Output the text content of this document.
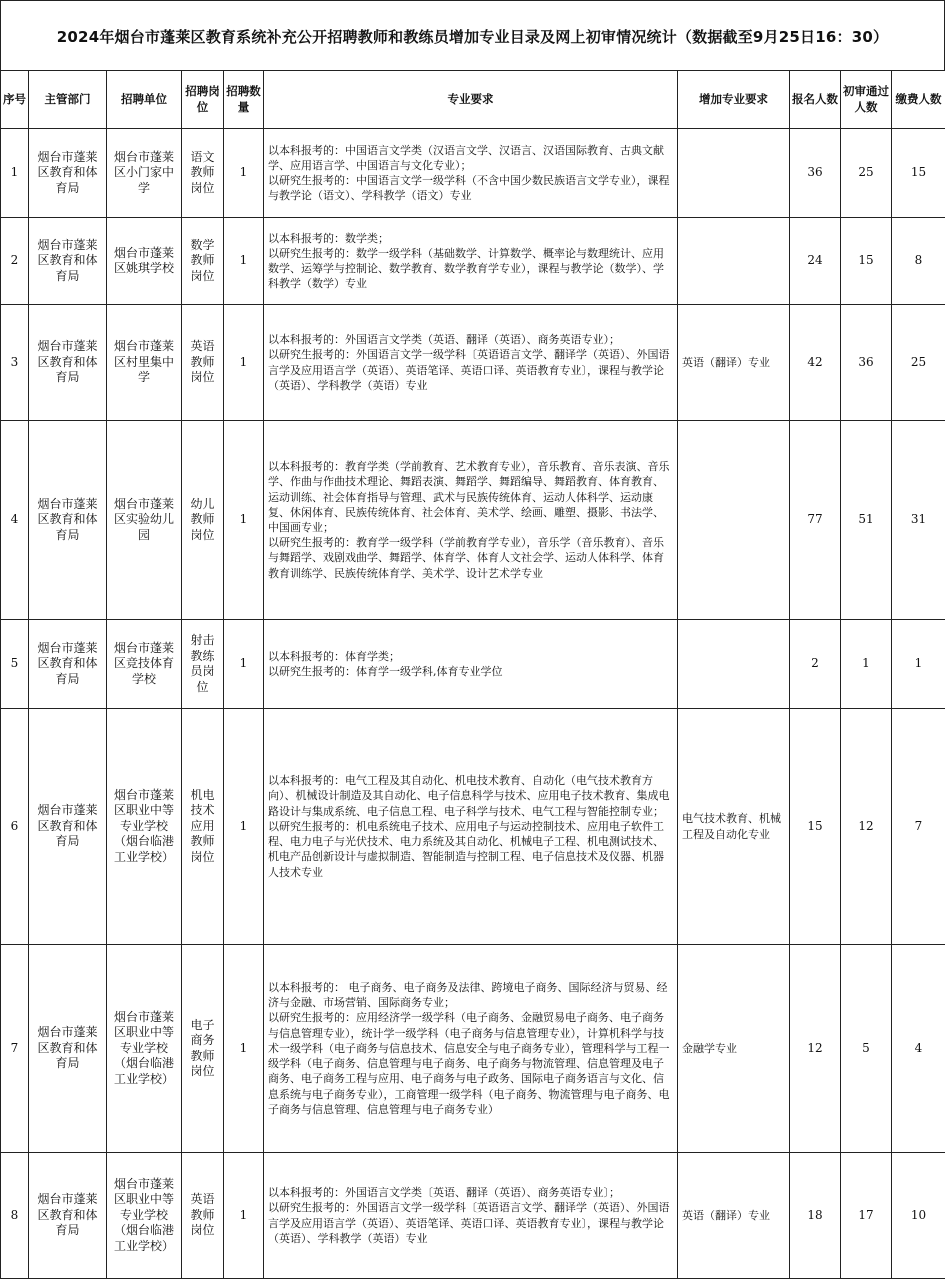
2024年烟台市蓬莱区教育系统补充公开招聘教师和教练员增加专业目录及网上初审情况统计（数据截至9月25日16：30）
序号	主管部门	招聘单位	招聘岗位	招聘数量	专业要求	增加专业要求	报名人数	初审通过人数	缴费人数
1	烟台市蓬莱区教育和体育局	烟台市蓬莱区小门家中学	语文教师岗位	1	以本科报考的：中国语言文学类（汉语言文学、汉语言、汉语国际教育、古典文献学、应用语言学、中国语言与文化专业）；
以研究生报考的：中国语言文学一级学科（不含中国少数民族语言文学专业），课程与教学论（语文）、学科教学（语文）专业		36	25	15
2	烟台市蓬莱区教育和体育局	烟台市蓬莱区姚琪学校	数学教师岗位	1	以本科报考的：数学类；
以研究生报考的：数学一级学科（基础数学、计算数学、概率论与数理统计、应用数学、运筹学与控制论、数学教育、数学教育学专业），课程与教学论（数学）、学科教学（数学）专业		24	15	8
3	烟台市蓬莱区教育和体育局	烟台市蓬莱区村里集中学	英语教师岗位	1	以本科报考的：外国语言文学类（英语、翻译（英语）、商务英语专业）；
以研究生报考的：外国语言文学一级学科〔英语语言文学、翻译学（英语）、外国语言学及应用语言学（英语）、英语笔译、英语口译、英语教育专业〕，课程与教学论（英语）、学科教学（英语）专业	英语（翻译）专业	42	36	25
4	烟台市蓬莱区教育和体育局	烟台市蓬莱区实验幼儿园	幼儿教师岗位	1	以本科报考的：教育学类（学前教育、艺术教育专业），音乐教育、音乐表演、音乐学、作曲与作曲技术理论、舞蹈表演、舞蹈学、舞蹈编导、舞蹈教育、体育教育、运动训练、社会体育指导与管理、武术与民族传统体育、运动人体科学、运动康复、休闲体育、民族传统体育、社会体育、美术学、绘画、雕塑、摄影、书法学、中国画专业；
以研究生报考的：教育学一级学科（学前教育学专业），音乐学（音乐教育）、音乐与舞蹈学、戏剧戏曲学、舞蹈学、体育学、体育人文社会学、运动人体科学、体育教育训练学、民族传统体育学、美术学、设计艺术学专业		77	51	31
5	烟台市蓬莱区教育和体育局	烟台市蓬莱区竞技体育学校	射击教练员岗位	1	以本科报考的：体育学类；
以研究生报考的：体育学一级学科,体育专业学位		2	1	1
6	烟台市蓬莱区教育和体育局	烟台市蓬莱区职业中等专业学校（烟台临港工业学校）	机电技术应用教师岗位	1	以本科报考的：电气工程及其自动化、机电技术教育、自动化（电气技术教育方向）、机械设计制造及其自动化、电子信息科学与技术、应用电子技术教育、集成电路设计与集成系统、电子信息工程、电子科学与技术、电气工程与智能控制专业；
以研究生报考的：机电系统电子技术、应用电子与运动控制技术、应用电子软件工程、电力电子与光伏技术、电力系统及其自动化、机械电子工程、机电测试技术、机电产品创新设计与虚拟制造、智能制造与控制工程、电子信息技术及仪器、机器人技术专业	电气技术教育、机械工程及自动化专业	15	12	7
7	烟台市蓬莱区教育和体育局	烟台市蓬莱区职业中等专业学校（烟台临港工业学校）	电子商务教师岗位	1	以本科报考的： 电子商务、电子商务及法律、跨境电子商务、国际经济与贸易、经济与金融、市场营销、国际商务专业；
以研究生报考的：应用经济学一级学科（电子商务、金融贸易电子商务、电子商务与信息管理专业），统计学一级学科（电子商务与信息管理专业），计算机科学与技术一级学科（电子商务与信息技术、信息安全与电子商务专业），管理科学与工程一级学科（电子商务、信息管理与电子商务、电子商务与物流管理、信息管理及电子商务、电子商务工程与应用、电子商务与电子政务、国际电子商务语言与文化、信息系统与电子商务专业），工商管理一级学科（电子商务、物流管理与电子商务、电子商务与信息管理、信息管理与电子商务专业）	金融学专业	12	5	4
8	烟台市蓬莱区教育和体育局	烟台市蓬莱区职业中等专业学校（烟台临港工业学校）	英语教师岗位	1	以本科报考的：外国语言文学类〔英语、翻译（英语）、商务英语专业〕；
以研究生报考的：外国语言文学一级学科〔英语语言文学、翻译学（英语）、外国语言学及应用语言学（英语）、英语笔译、英语口译、英语教育专业〕，课程与教学论（英语）、学科教学（英语）专业	英语（翻译）专业	18	17	10
